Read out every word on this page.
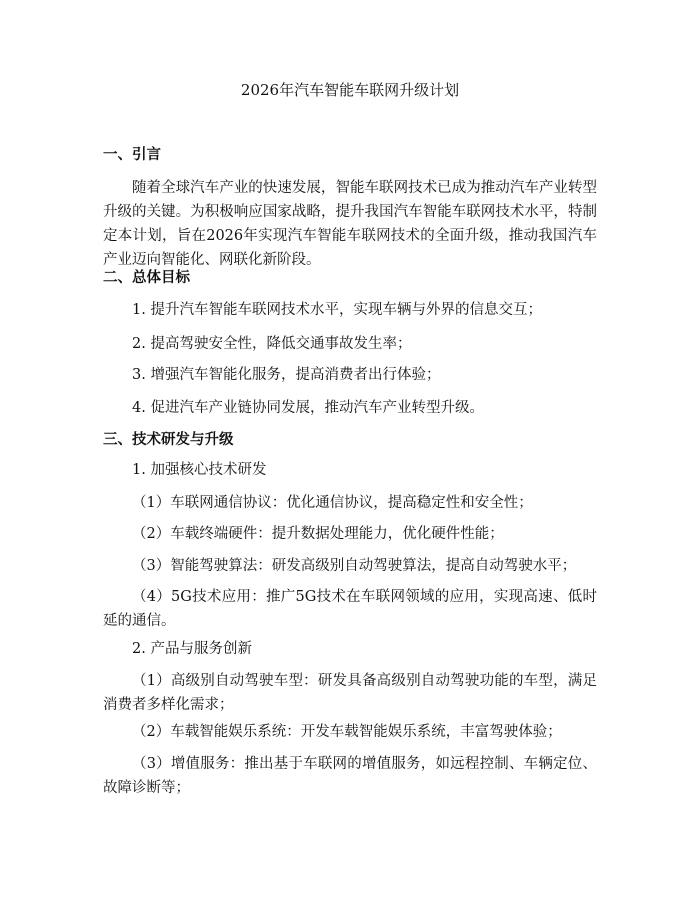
2026年汽车智能车联网升级计划
一、引言
随着全球汽车产业的快速发展，智能车联网技术已成为推动汽车产业转型升级的关键。为积极响应国家战略，提升我国汽车智能车联网技术水平，特制定本计划，旨在2026年实现汽车智能车联网技术的全面升级，推动我国汽车产业迈向智能化、网联化新阶段。
二、总体目标
1. 提升汽车智能车联网技术水平，实现车辆与外界的信息交互；
2. 提高驾驶安全性，降低交通事故发生率；
3. 增强汽车智能化服务，提高消费者出行体验；
4. 促进汽车产业链协同发展，推动汽车产业转型升级。
三、技术研发与升级
1. 加强核心技术研发
（1）车联网通信协议：优化通信协议，提高稳定性和安全性；
（2）车载终端硬件：提升数据处理能力，优化硬件性能；
（3）智能驾驶算法：研发高级别自动驾驶算法，提高自动驾驶水平；
（4）5G技术应用：推广5G技术在车联网领域的应用，实现高速、低时延的通信。
2. 产品与服务创新
（1）高级别自动驾驶车型：研发具备高级别自动驾驶功能的车型，满足消费者多样化需求；
（2）车载智能娱乐系统：开发车载智能娱乐系统，丰富驾驶体验；
（3）增值服务：推出基于车联网的增值服务，如远程控制、车辆定位、故障诊断等；
